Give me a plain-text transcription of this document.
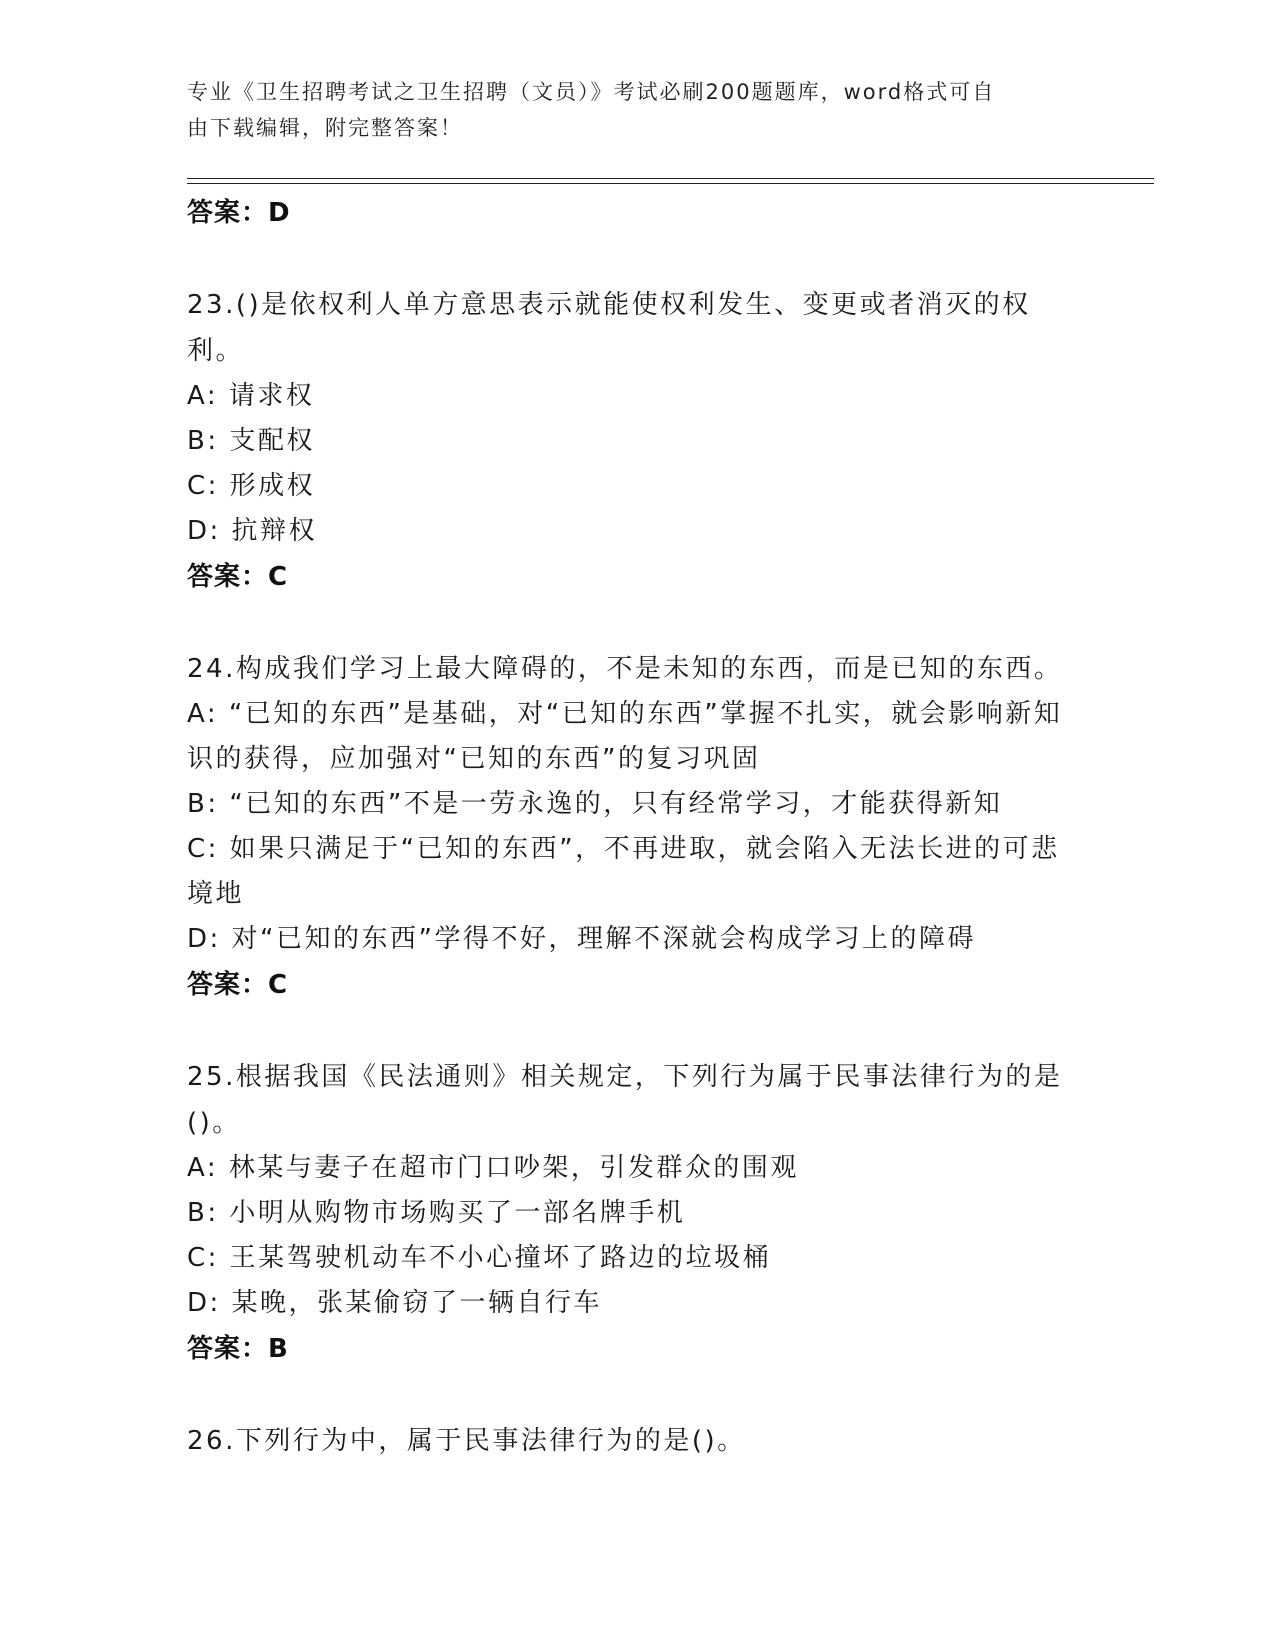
专业《卫生招聘考试之卫生招聘（文员）》考试必刷200题题库，word格式可自
由下载编辑，附完整答案！

答案：D

23.()是依权利人单方意思表示就能使权利发生、变更或者消灭的权利。

A: 请求权

B: 支配权

C: 形成权

D: 抗辩权

答案：C

24.构成我们学习上最大障碍的，不是未知的东西，而是已知的东西。

A: “已知的东西”是基础，对“已知的东西”掌握不扎实，就会影响新知识的获得，应加强对“已知的东西”的复习巩固

B: “已知的东西”不是一劳永逸的，只有经常学习，才能获得新知

C: 如果只满足于“已知的东西”，不再进取，就会陷入无法长进的可悲境地

D: 对“已知的东西”学得不好，理解不深就会构成学习上的障碍

答案：C

25.根据我国《民法通则》相关规定，下列行为属于民事法律行为的是()。

A: 林某与妻子在超市门口吵架，引发群众的围观

B: 小明从购物市场购买了一部名牌手机

C: 王某驾驶机动车不小心撞坏了路边的垃圾桶

D: 某晚，张某偷窃了一辆自行车

答案：B

26.下列行为中，属于民事法律行为的是()。
